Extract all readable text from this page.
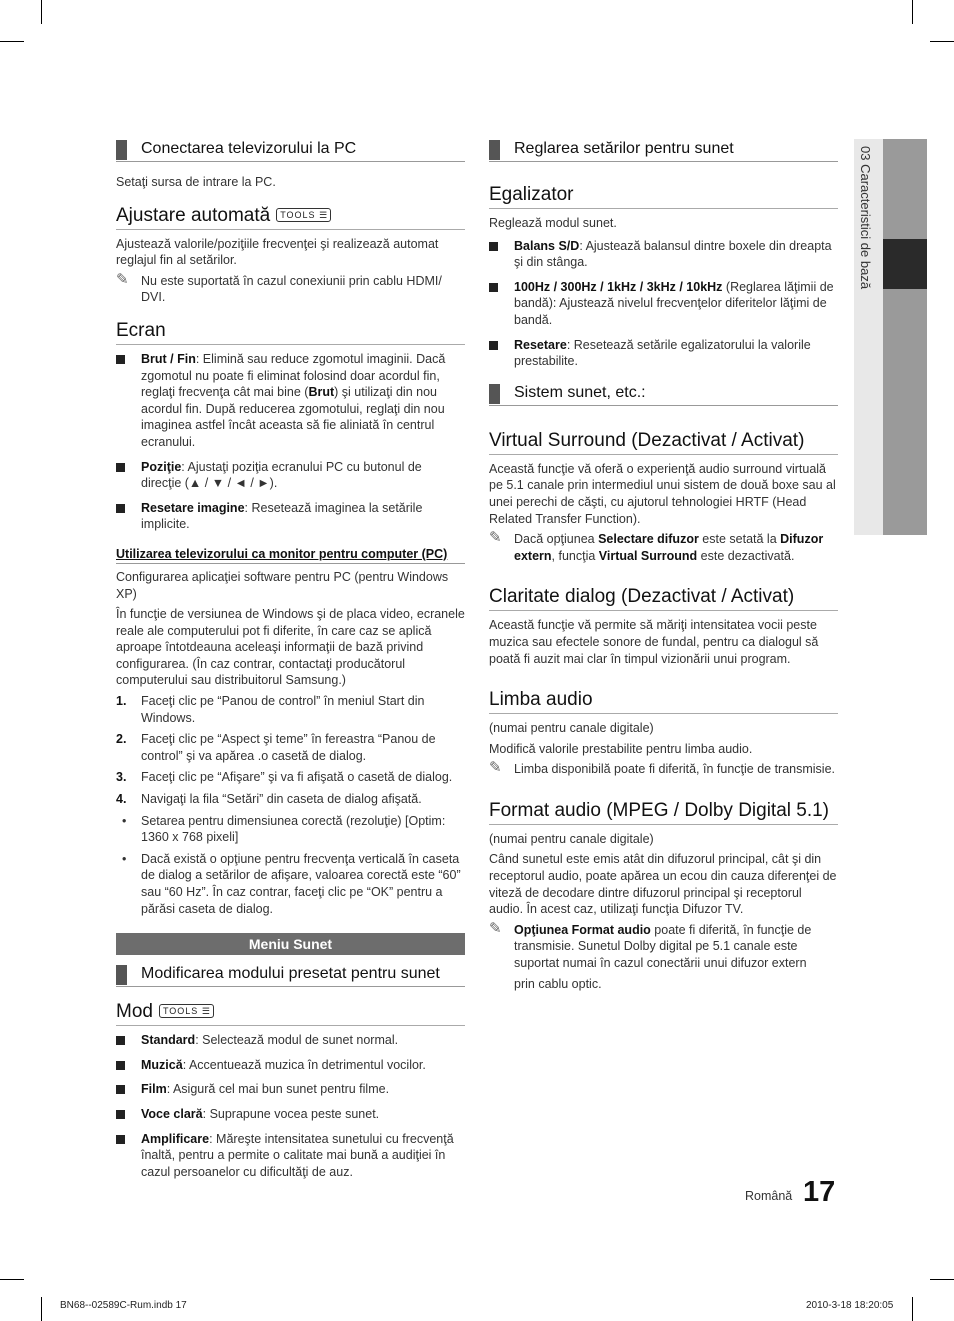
03 Caracteristici de bază
Conectarea televizorului la PC

Setaţi sursa de intrare la PC.

Ajustare automată TOOLS ☰

Ajustează valorile/poziţiile frecvenţei şi realizează automat reglajul fin al setărilor.

✎ Nu este suportată în cazul conexiunii prin cablu HDMI/ DVI.
Ecran
Brut / Fin: Elimină sau reduce zgomotul imaginii. Dacă zgomotul nu poate fi eliminat folosind doar acordul fin, reglaţi frecvenţa cât mai bine (Brut) şi utilizaţi din nou acordul fin. După reducerea zgomotului, reglaţi din nou imaginea astfel încât aceasta să fie aliniată în centrul ecranului.
Poziţie: Ajustaţi poziţia ecranului PC cu butonul de direcţie (▲ / ▼ / ◄ / ►).
Resetare imagine: Resetează imaginea la setările implicite.
Utilizarea televizorului ca monitor pentru computer (PC)

Configurarea aplicaţiei software pentru PC (pentru Windows XP)

În funcţie de versiunea de Windows şi de placa video, ecranele reale ale computerului pot fi diferite, în care caz se aplică aproape întotdeauna aceleaşi informaţii de bază privind configurarea. (În caz contrar, contactaţi producătorul computerului sau distribuitorul Samsung.)

1. Faceţi clic pe “Panou de control” în meniul Start din Windows.
2. Faceţi clic pe “Aspect şi teme” în fereastra “Panou de control” şi va apărea .o casetă de dialog.
3. Faceţi clic pe “Afişare” şi va fi afişată o casetă de dialog.
4. Navigaţi la fila “Setări” din caseta de dialog afişată.
• Setarea pentru dimensiunea corectă (rezoluţie) [Optim: 1360 x 768 pixeli]
• Dacă există o opţiune pentru frecvenţa verticală în caseta de dialog a setărilor de afişare, valoarea corectă este “60” sau “60 Hz”. În caz contrar, faceţi clic pe “OK” pentru a părăsi caseta de dialog.
Meniu Sunet
Modificarea modului presetat pentru sunet
Mod TOOLS ☰
Standard: Selectează modul de sunet normal.
Muzică: Accentuează muzica în detrimentul vocilor.
Film: Asigură cel mai bun sunet pentru filme.
Voce clară: Suprapune vocea peste sunet.
Amplificare: Măreşte intensitatea sunetului cu frecvenţă înaltă, pentru a permite o calitate mai bună a audiţiei în cazul persoanelor cu dificultăţi de auz.
Reglarea setărilor pentru sunet
Egalizator

Reglează modul sunet.

Balans S/D: Ajustează balansul dintre boxele din dreapta şi din stânga.
100Hz / 300Hz / 1kHz / 3kHz / 10kHz (Reglarea lăţimii de bandă): Ajustează nivelul frecvenţelor diferitelor lăţimi de bandă.
Resetare: Resetează setările egalizatorului la valorile prestabilite.
Sistem sunet, etc.:
Virtual Surround (Dezactivat / Activat)

Această funcţie vă oferă o experienţă audio surround virtuală pe 5.1 canale prin intermediul unui sistem de două boxe sau al unei perechi de căşti, cu ajutorul tehnologiei HRTF (Head Related Transfer Function).

✎ Dacă opţiunea Selectare difuzor este setată la Difuzor extern, funcţia Virtual Surround este dezactivată.
Claritate dialog (Dezactivat / Activat)

Această funcţie vă permite să măriţi intensitatea vocii peste muzica sau efectele sonore de fundal, pentru ca dialogul să poată fi auzit mai clar în timpul vizionării unui program.

Limba audio

(numai pentru canale digitale)

Modifică valorile prestabilite pentru limba audio.

✎ Limba disponibilă poate fi diferită, în funcţie de transmisie.
Format audio (MPEG / Dolby Digital 5.1)

(numai pentru canale digitale)

Când sunetul este emis atât din difuzorul principal, cât şi din receptorul audio, poate apărea un ecou din cauza diferenţei de viteză de decodare dintre difuzorul principal şi receptorul audio. În acest caz, utilizaţi funcţia Difuzor TV.

✎ Opţiunea Format audio poate fi diferită, în funcţie de transmisie. Sunetul Dolby digital pe 5.1 canale este suportat numai în cazul conectării unui difuzor extern
prin cablu optic.
Română 17
BN68--02589C-Rum.indb 17	2010-3-18 18:20:05
